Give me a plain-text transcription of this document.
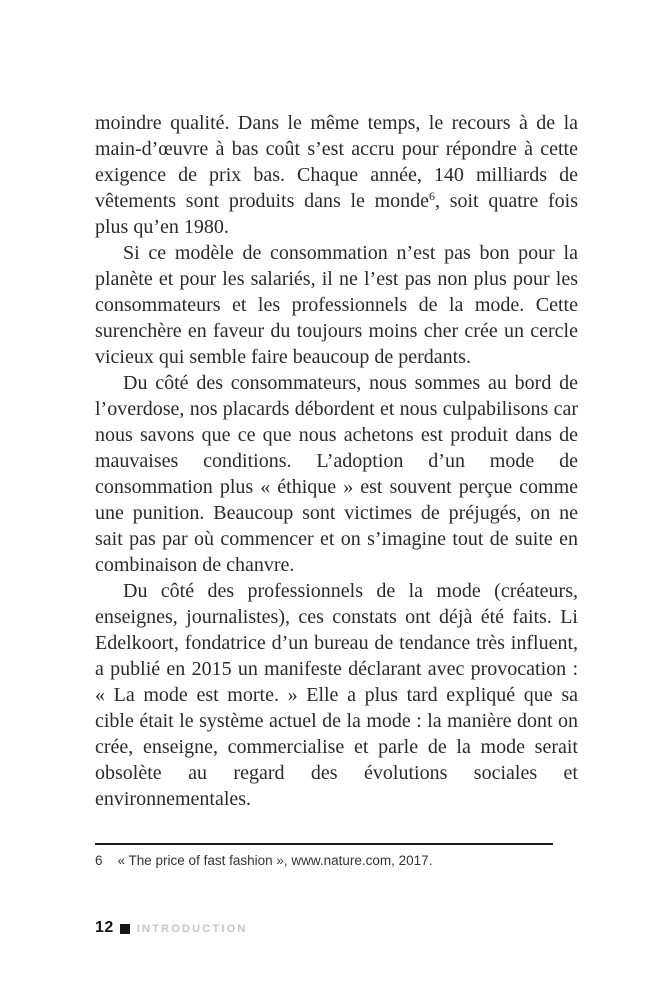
moindre qualité. Dans le même temps, le recours à de la main-d’œuvre à bas coût s’est accru pour répondre à cette exigence de prix bas. Chaque année, 140 milliards de vêtements sont produits dans le monde$^6$, soit quatre fois plus qu’en 1980.

Si ce modèle de consommation n’est pas bon pour la planète et pour les salariés, il ne l’est pas non plus pour les consommateurs et les professionnels de la mode. Cette surenchère en faveur du toujours moins cher crée un cercle vicieux qui semble faire beaucoup de perdants.

Du côté des consommateurs, nous sommes au bord de l’overdose, nos placards débordent et nous culpabilisons car nous savons que ce que nous achetons est produit dans de mauvaises conditions. L’adoption d’un mode de consommation plus « éthique » est souvent perçue comme une punition. Beaucoup sont victimes de préjugés, on ne sait pas par où commencer et on s’imagine tout de suite en combinaison de chanvre.

Du côté des professionnels de la mode (créateurs, enseignes, journalistes), ces constats ont déjà été faits. Li Edelkoort, fondatrice d’un bureau de tendance très influent, a publié en 2015 un manifeste déclarant avec provocation : « La mode est morte. » Elle a plus tard expliqué que sa cible était le système actuel de la mode : la manière dont on crée, enseigne, commercialise et parle de la mode serait obsolète au regard des évolutions sociales et environnementales.

6 « The price of fast fashion », www.nature.com, 2017.
12 INTRODUCTION
